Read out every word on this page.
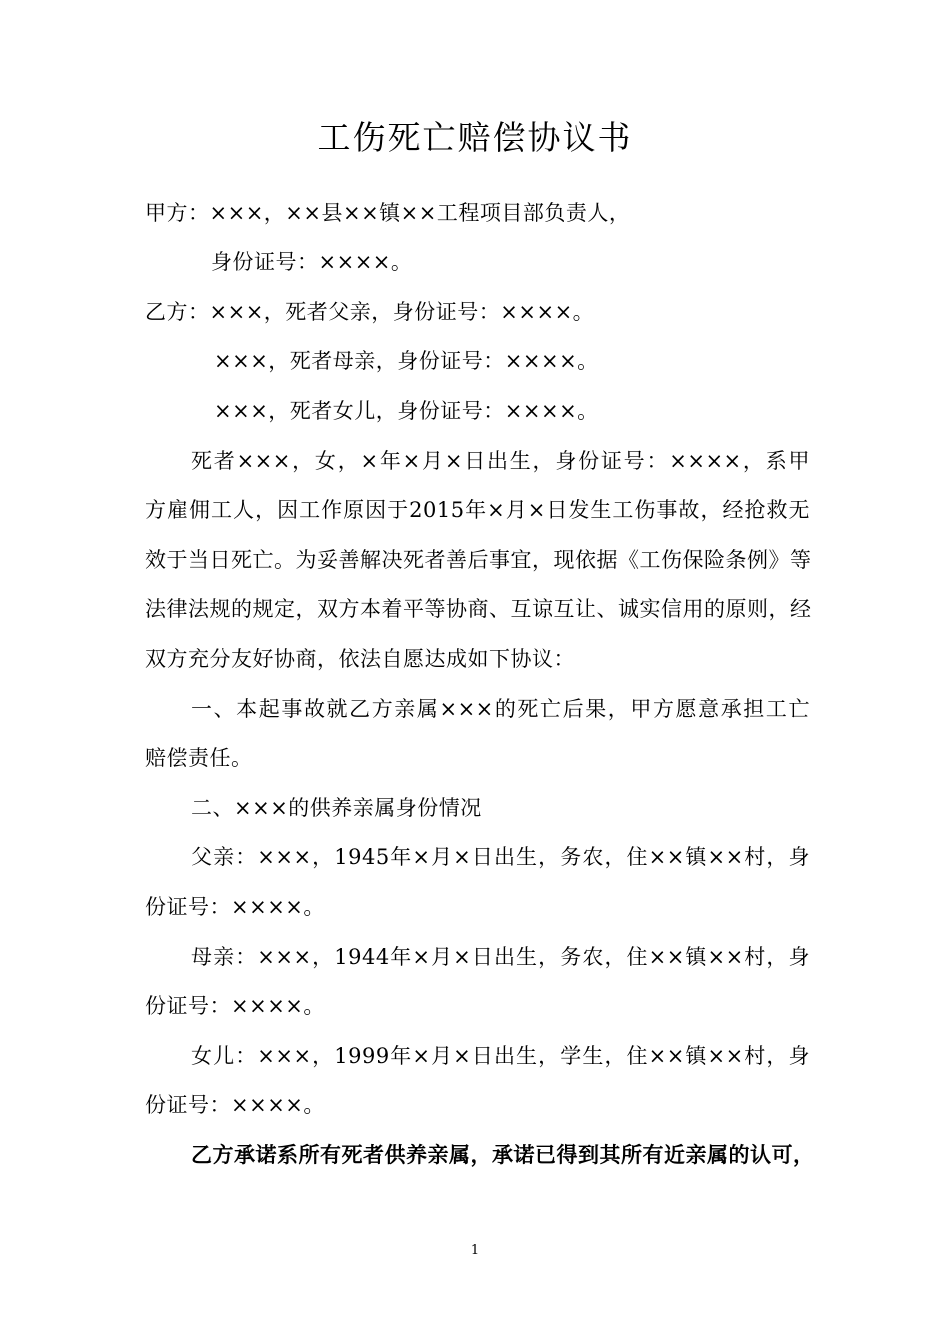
工伤死亡赔偿协议书
甲方：×××，××县××镇××工程项目部负责人，
身份证号：××××。
乙方：×××，死者父亲，身份证号：××××。
×××，死者母亲，身份证号：××××。
×××，死者女儿，身份证号：××××。
死者×××，女，×年×月×日出生，身份证号：××××，系甲
方雇佣工人，因工作原因于2015年×月×日发生工伤事故，经抢救无
效于当日死亡。为妥善解决死者善后事宜，现依据《工伤保险条例》等
法律法规的规定，双方本着平等协商、互谅互让、诚实信用的原则，经
双方充分友好协商，依法自愿达成如下协议：
一、本起事故就乙方亲属×××的死亡后果，甲方愿意承担工亡
赔偿责任。
二、×××的供养亲属身份情况
父亲：×××，1945年×月×日出生，务农，住××镇××村，身
份证号：××××。
母亲：×××，1944年×月×日出生，务农，住××镇××村，身
份证号：××××。
女儿：×××，1999年×月×日出生，学生，住××镇××村，身
份证号：××××。
乙方承诺系所有死者供养亲属，承诺已得到其所有近亲属的认可，
1
